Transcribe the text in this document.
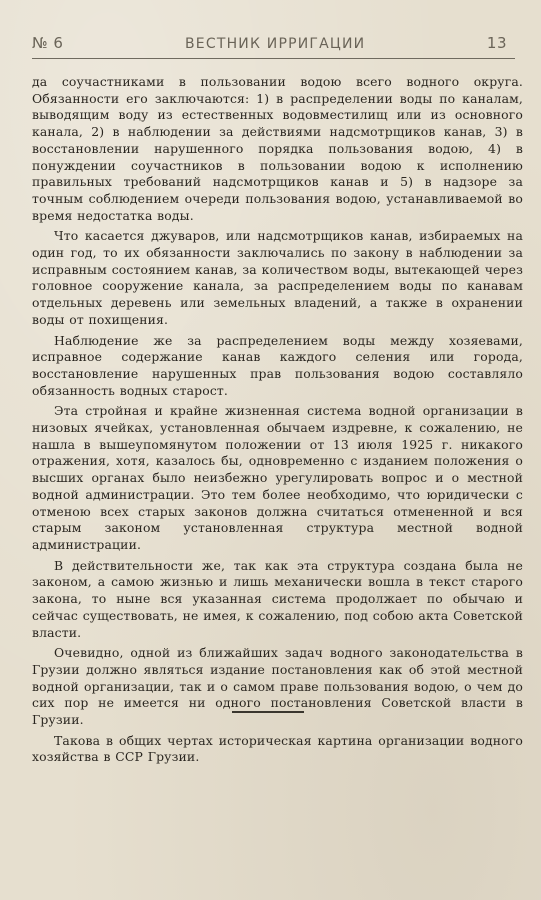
№ 6	ВЕСТНИК ИРРИГАЦИИ	13

да соучастниками в пользовании водою всего водного округа. Обязанности его заключаются: 1) в распределении воды по каналам, выводящим воду из естественных водовместилищ или из основного канала, 2) в наблюдении за действиями надсмотрщиков канав, 3) в восстановлении нарушенного порядка пользования водою, 4) в понуждении соучастников в пользовании водою к исполнению правильных требований надсмотрщиков канав и 5) в надзоре за точным соблюдением очереди пользования водою, устанавливаемой во время недостатка воды.

Что касается джуваров, или надсмотрщиков канав, избираемых на один год, то их обязанности заключались по закону в наблюдении за исправным состоянием канав, за количеством воды, вытекающей через головное сооружение канала, за распределением воды по канавам отдельных деревень или земельных владений, а также в охранении воды от похищения.

Наблюдение же за распределением воды между хозяевами, исправное содержание канав каждого селения или города, восстановление нарушенных прав пользования водою составляло обязанность водных старост.

Эта стройная и крайне жизненная система водной организации в низовых ячейках, установленная обычаем издревне, к сожалению, не нашла в вышеупомянутом положении от 13 июля 1925 г. никакого отражения, хотя, казалось бы, одновременно с изданием положения о высших органах было неизбежно урегулировать вопрос и о местной водной администрации. Это тем более необходимо, что юридически с отменою всех старых законов должна считаться отмененной и вся старым законом установленная структура местной водной администрации.

В действительности же, так как эта структура создана была не законом, а самою жизнью и лишь механически вошла в текст старого закона, то ныне вся указанная система продолжает по обычаю и сейчас существовать, не имея, к сожалению, под собою акта Советской власти.

Очевидно, одной из ближайших задач водного законодательства в Грузии должно являться издание постановления как об этой местной водной организации, так и о самом праве пользования водою, о чем до сих пор не имеется ни одного постановления Советской власти в Грузии.

Такова в общих чертах историческая картина организации водного хозяйства в ССР Грузии.
